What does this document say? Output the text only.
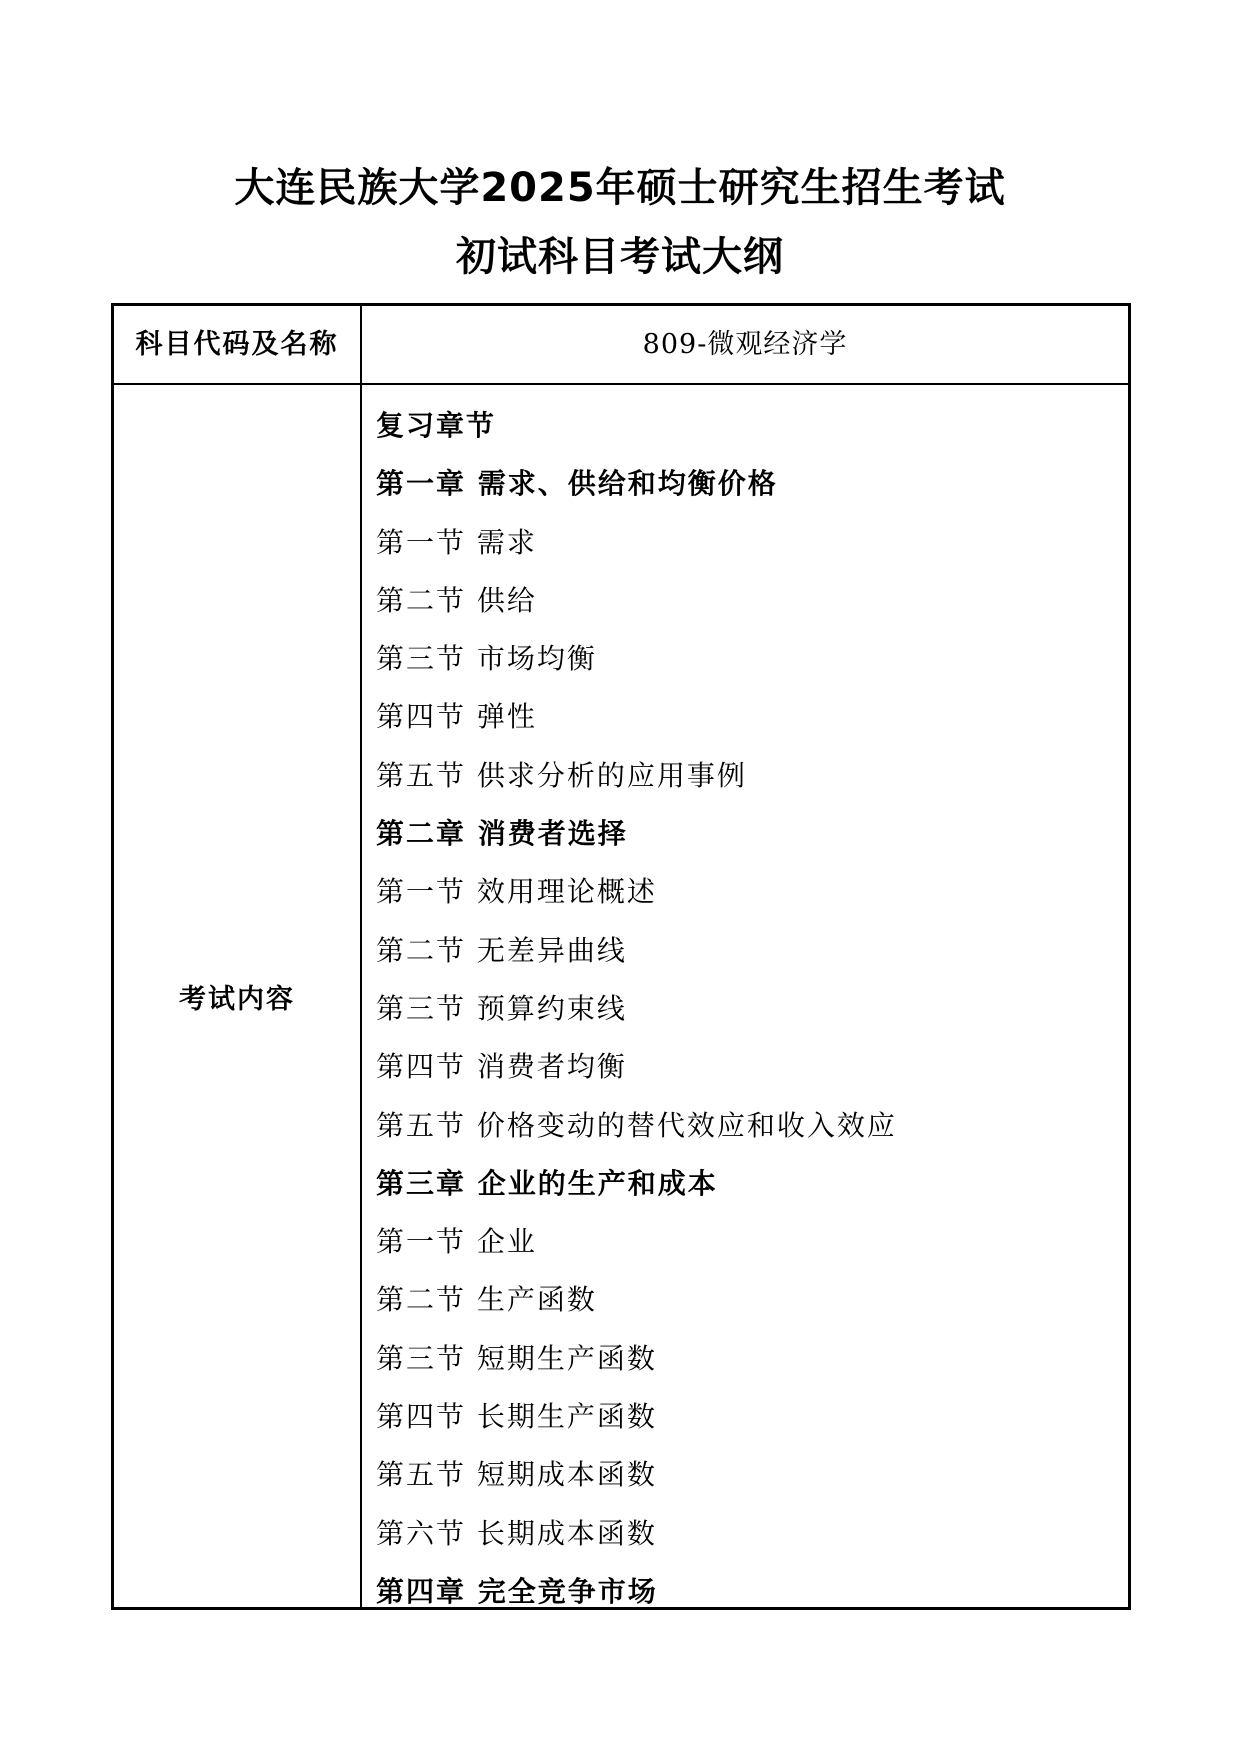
大连民族大学2025年硕士研究生招生考试
初试科目考试大纲
科目代码及名称	809-微观经济学
考试内容
复习章节
第一章 需求、供给和均衡价格
第一节 需求
第二节 供给
第三节 市场均衡
第四节 弹性
第五节 供求分析的应用事例
第二章 消费者选择
第一节 效用理论概述
第二节 无差异曲线
第三节 预算约束线
第四节 消费者均衡
第五节 价格变动的替代效应和收入效应
第三章 企业的生产和成本
第一节 企业
第二节 生产函数
第三节 短期生产函数
第四节 长期生产函数
第五节 短期成本函数
第六节 长期成本函数
第四章 完全竞争市场
